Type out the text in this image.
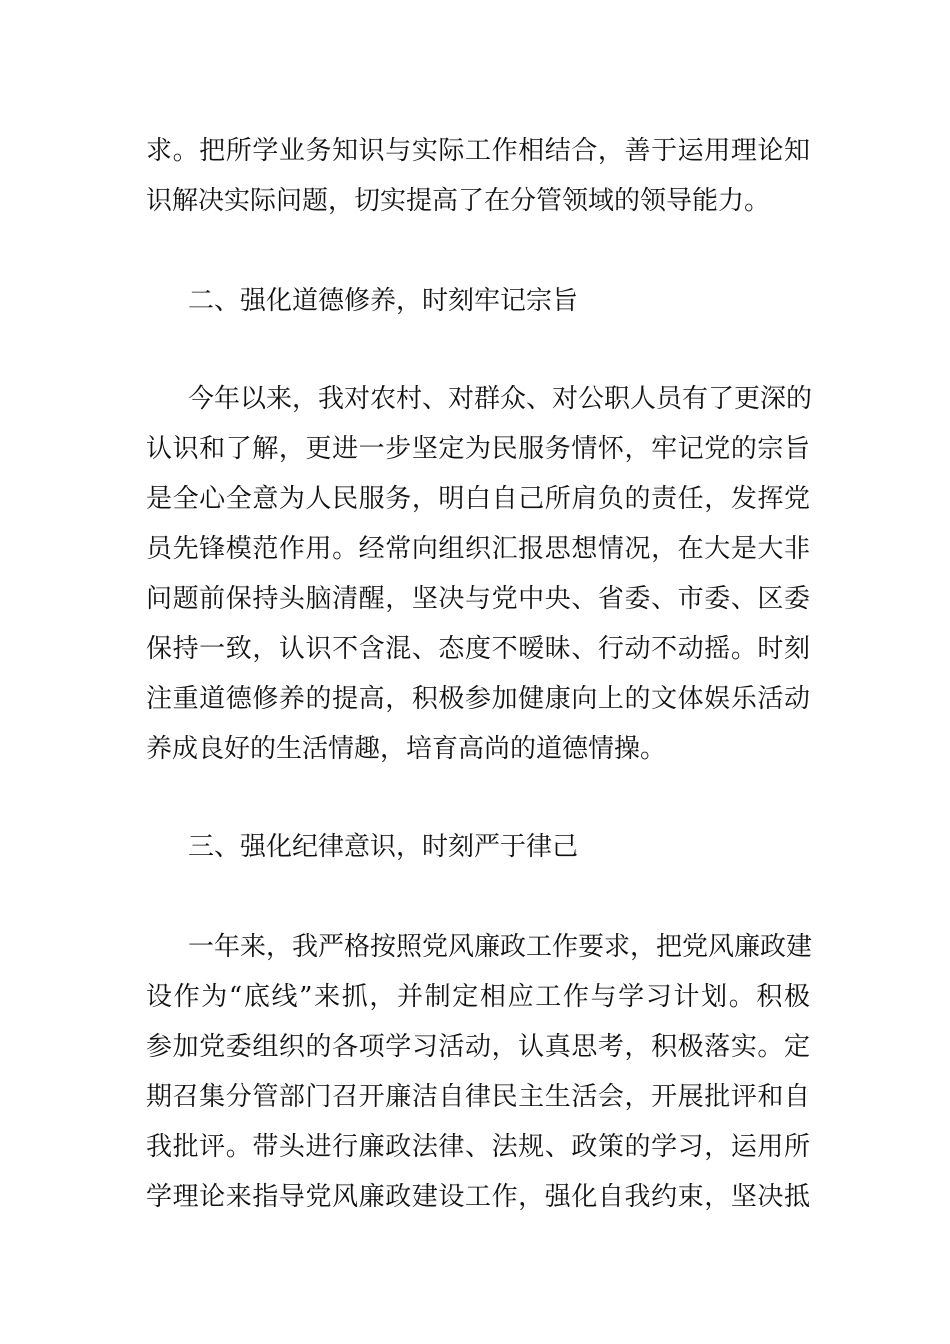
求。把所学业务知识与实际工作相结合，善于运用理论知
识解决实际问题，切实提高了在分管领域的领导能力。
二、强化道德修养，时刻牢记宗旨
今年以来，我对农村、对群众、对公职人员有了更深的
认识和了解，更进一步坚定为民服务情怀，牢记党的宗旨
是全心全意为人民服务，明白自己所肩负的责任，发挥党
员先锋模范作用。经常向组织汇报思想情况，在大是大非
问题前保持头脑清醒，坚决与党中央、省委、市委、区委
保持一致，认识不含混、态度不暧昧、行动不动摇。时刻
注重道德修养的提高，积极参加健康向上的文体娱乐活动
养成良好的生活情趣，培育高尚的道德情操。
三、强化纪律意识，时刻严于律己
一年来，我严格按照党风廉政工作要求，把党风廉政建
设作为“底线”来抓，并制定相应工作与学习计划。积极
参加党委组织的各项学习活动，认真思考，积极落实。定
期召集分管部门召开廉洁自律民主生活会，开展批评和自
我批评。带头进行廉政法律、法规、政策的学习，运用所
学理论来指导党风廉政建设工作，强化自我约束，坚决抵
